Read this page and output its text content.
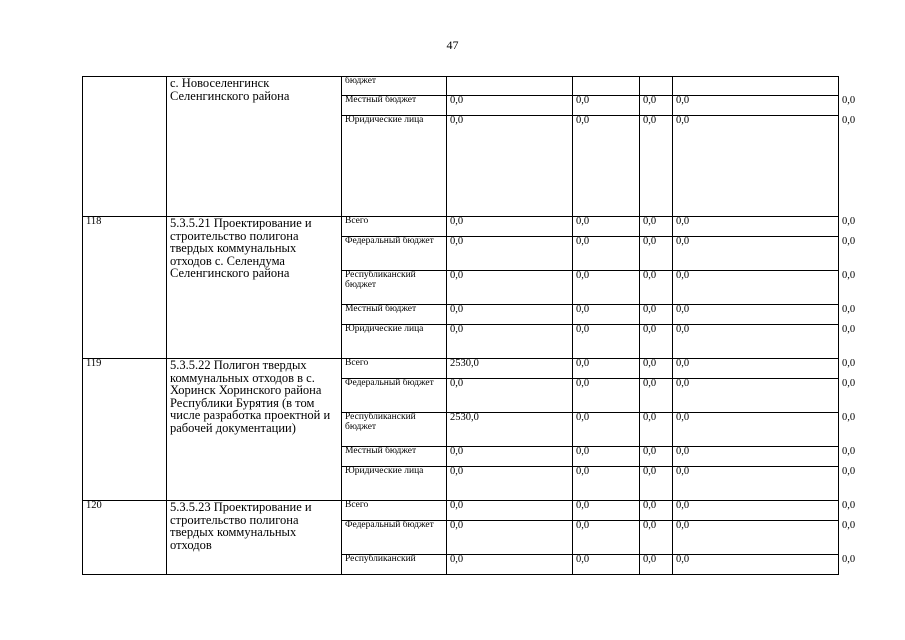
47
	с. Новоселенгинск Селенгинского района	бюджет					
		Местный бюджет	0,0	0,0	0,0	0,0	0,0
		Юридические лица	0,0	0,0	0,0	0,0	0,0
118	5.3.5.21 Проектирование и строительство полигона твердых коммунальных отходов с. Селендума Селенгинского района	Всего	0,0	0,0	0,0	0,0	0,0
		Федеральный бюджет	0,0	0,0	0,0	0,0	0,0
		Республиканский бюджет	0,0	0,0	0,0	0,0	0,0
		Местный бюджет	0,0	0,0	0,0	0,0	0,0
		Юридические лица	0,0	0,0	0,0	0,0	0,0
119	5.3.5.22 Полигон твердых коммунальных отходов в с. Хоринск Хоринского района Республики Бурятия (в том числе разработка проектной и рабочей документации)	Всего	2530,0	0,0	0,0	0,0	0,0
		Федеральный бюджет	0,0	0,0	0,0	0,0	0,0
		Республиканский бюджет	2530,0	0,0	0,0	0,0	0,0
		Местный бюджет	0,0	0,0	0,0	0,0	0,0
		Юридические лица	0,0	0,0	0,0	0,0	0,0
120	5.3.5.23 Проектирование и строительство полигона твердых коммунальных отходов	Всего	0,0	0,0	0,0	0,0	0,0
		Федеральный бюджет	0,0	0,0	0,0	0,0	0,0
		Республиканский	0,0	0,0	0,0	0,0	0,0
